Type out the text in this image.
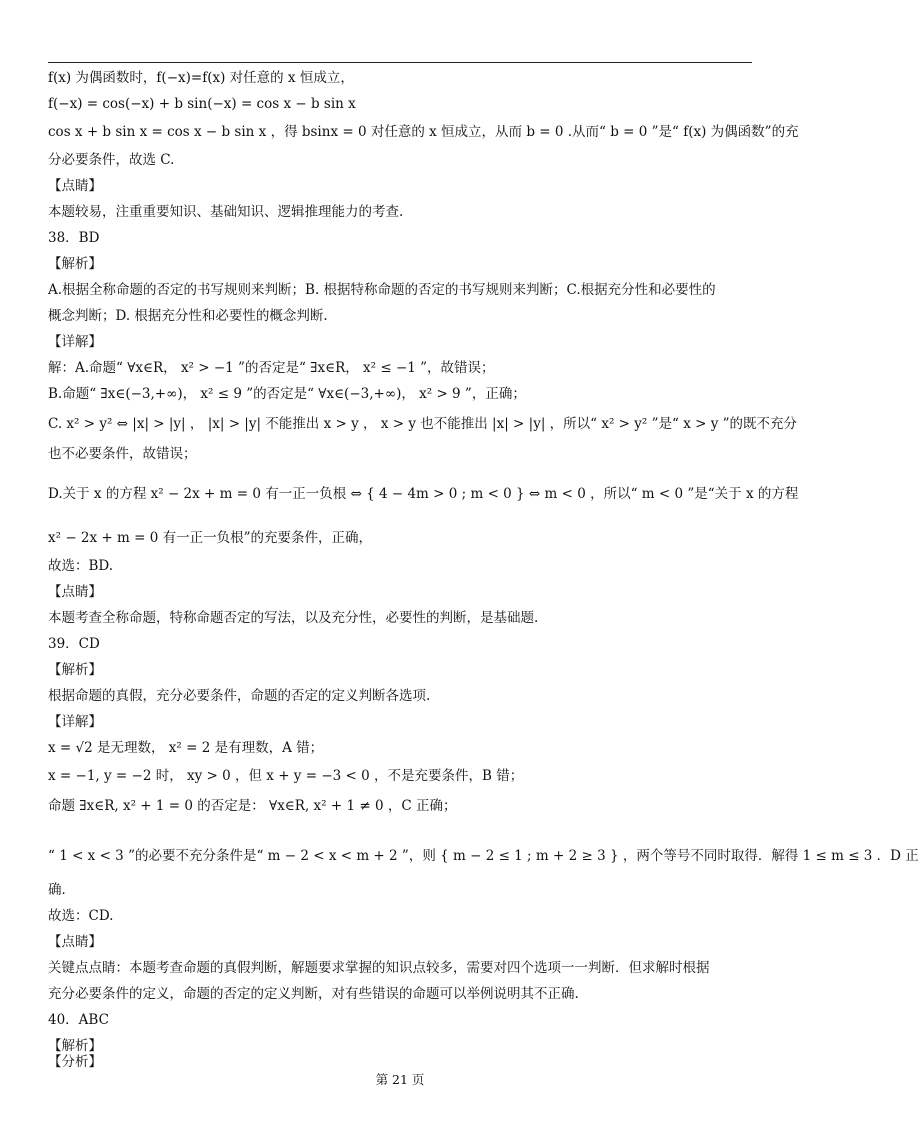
f(x) 为偶函数时，f(−x)=f(x) 对任意的 x 恒成立，
f(−x) = cos(−x) + b sin(−x) = cos x − b sin x
cos x + b sin x = cos x − b sin x ，得 bsinx = 0 对任意的 x 恒成立，从而 b = 0 .从而“ b = 0 ”是“ f(x) 为偶函数”的充
分必要条件，故选 C.
【点睛】
本题较易，注重重要知识、基础知识、逻辑推理能力的考查.
38．BD
【解析】
A.根据全称命题的否定的书写规则来判断；B. 根据特称命题的否定的书写规则来判断；C.根据充分性和必要性的
概念判断；D. 根据充分性和必要性的概念判断.
【详解】
解：A.命题“ ∀x∈R， x² > −1 ”的否定是“ ∃x∈R， x² ≤ −1 ”，故错误；
B.命题“ ∃x∈(−3,+∞)， x² ≤ 9 ”的否定是“ ∀x∈(−3,+∞)， x² > 9 ”，正确；
C. x² > y² ⇔ |x| > |y| ， |x| > |y| 不能推出 x > y ， x > y 也不能推出 |x| > |y| ，所以“ x² > y² ”是“ x > y ”的既不充分
也不必要条件，故错误；
D.关于 x 的方程 x² − 2x + m = 0 有一正一负根 ⇔ { 4 − 4m > 0 ; m < 0 } ⇔ m < 0 ，所以“ m < 0 ”是“关于 x 的方程
x² − 2x + m = 0 有一正一负根”的充要条件，正确，
故选：BD.
【点睛】
本题考查全称命题，特称命题否定的写法，以及充分性，必要性的判断，是基础题.
39．CD
【解析】
根据命题的真假，充分必要条件，命题的否定的定义判断各选项.
【详解】
x = √2 是无理数， x² = 2 是有理数，A 错；
x = −1, y = −2 时， xy > 0 ，但 x + y = −3 < 0 ，不是充要条件，B 错；
命题 ∃x∈R, x² + 1 = 0 的否定是： ∀x∈R, x² + 1 ≠ 0 ，C 正确；
“ 1 < x < 3 ”的必要不充分条件是“ m − 2 < x < m + 2 ”，则 { m − 2 ≤ 1 ; m + 2 ≥ 3 } ，两个等号不同时取得．解得 1 ≤ m ≤ 3 ．D 正
确．
故选：CD.
【点睛】
关键点点睛：本题考查命题的真假判断，解题要求掌握的知识点较多，需要对四个选项一一判断．但求解时根据
充分必要条件的定义，命题的否定的定义判断，对有些错误的命题可以举例说明其不正确.
40．ABC
【解析】
【分析】
第 21 页
